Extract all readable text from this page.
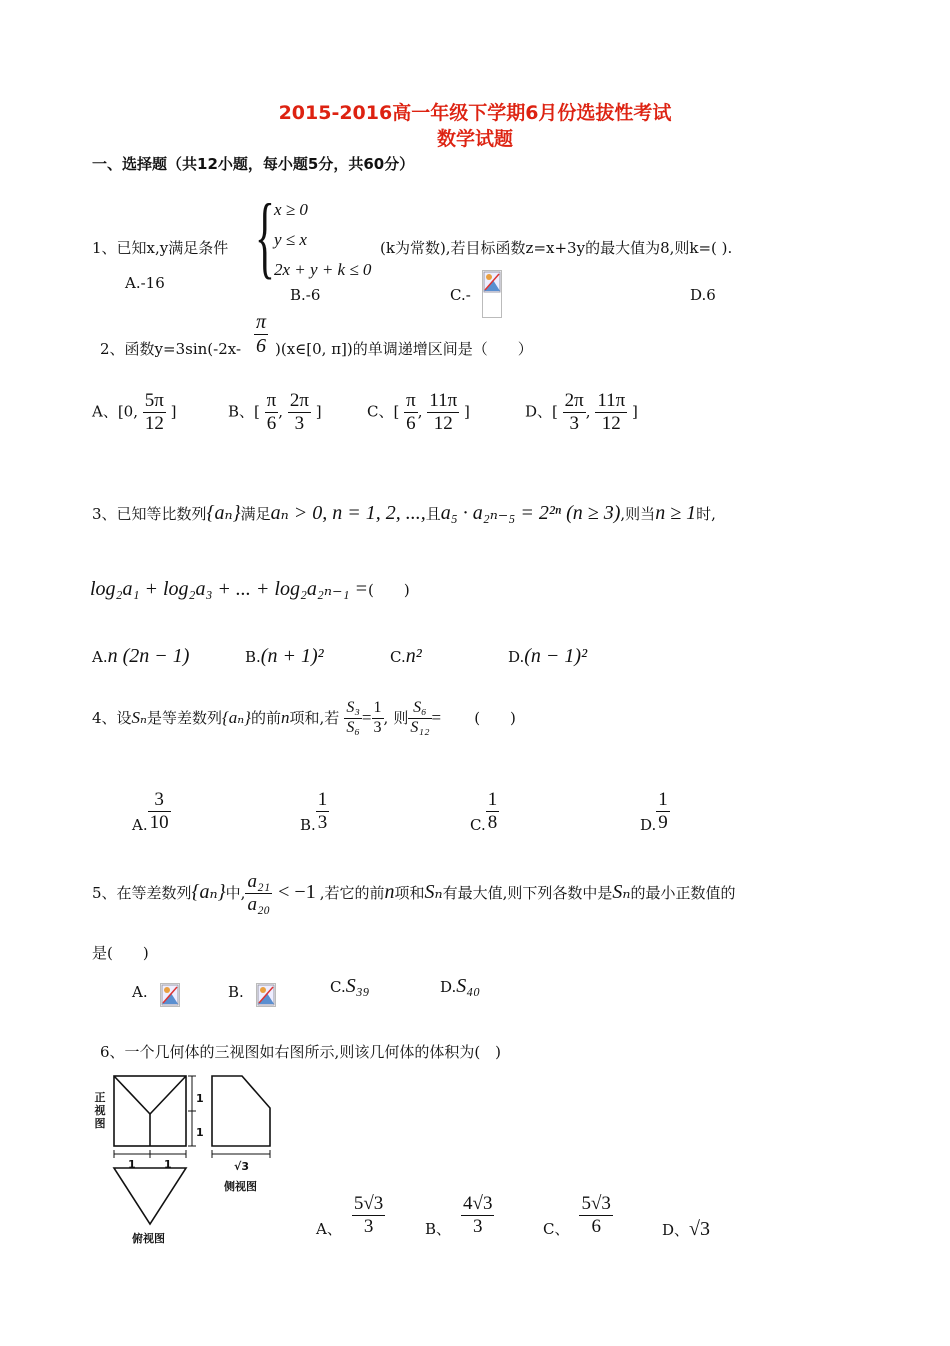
2015-2016高一年级下学期6月份选拔性考试
数学试题
一、选择题（共12小题，每小题5分，共60分）
1、已知x,y满足条件 { x ≥ 0
y ≤ x
2x + y + k ≤ 0
(k为常数),若目标函数z=x+3y的最大值为8,则k=( ).
A.-16
B.-6	C.-	D.6
2、函数$y=3\sin(-2x- \frac{\pi}{6}$ )(x∈[0, π])的单调递增区间是（　　）
A、[0, $\frac{5\pi}{12}$ ]	B、[ $\frac{\pi}{6}$ , $\frac{2\pi}{3}$ ]	C、[ $\frac{\pi}{6}$ , $\frac{11\pi}{12}$ ]	D、[ $\frac{2\pi}{3}$ , $\frac{11\pi}{12}$ ]
3、已知等比数列{aₙ}满足aₙ > 0, n = 1, 2, ...,且a₅ · a₂ₙ₋₅ = 2²ⁿ (n ≥ 3),则当n ≥ 1时,
log₂a₁ + log₂a₃ + ... + log₂a₂ₙ₋₁ =(　　)
A.n (2n − 1)	B.(n + 1)²	C.n²	D.(n − 1)²
4、设Sₙ是等差数列{aₙ}的前n项和,若 $\frac{\text{S₃}}{\text{S₆}} = \frac{1}{3}$ , 则 $\frac{\text{S₆}}{\text{S₁₂}}$ = (　　)
A. $\frac{3}{10}$	B. $\frac{1}{3}$	C. $\frac{1}{8}$	D. $\frac{1}{9}$
5、在等差数列{aₙ}中, $\frac{\text{a₂₁}}{\text{a₂₀}} < -1$ ,若它的前n项和Sₙ有最大值,则下列各数中是Sₙ的最小正数值的
是(　　)
A.	B.	C.S₃₉	D.S₄₀
6、一个几何体的三视图如右图所示,则该几何体的体积为(　)
正视图
1
1
1	1	√3
侧视图
俯视图
A、 $\frac{5√3}{3}$	B、 $\frac{4√3}{3}$	C、 $\frac{5√3}{6}$	D、√3
